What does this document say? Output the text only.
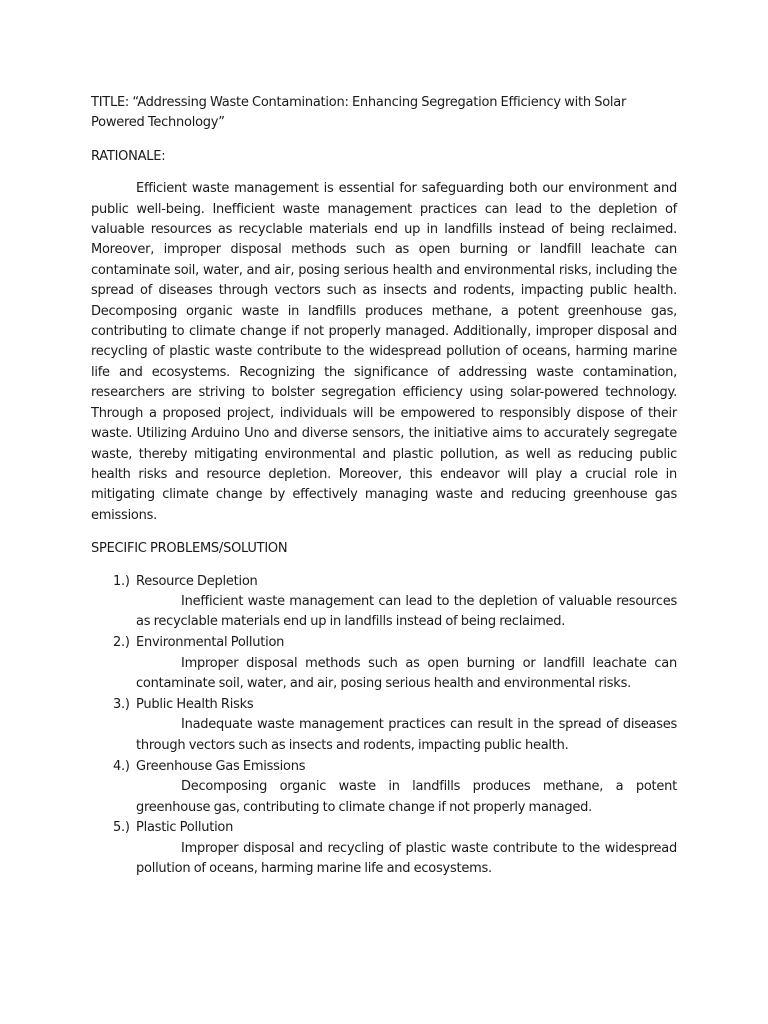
TITLE: “Addressing Waste Contamination: Enhancing Segregation Efficiency with Solar Powered Technology”

RATIONALE:

Efficient waste management is essential for safeguarding both our environment and public well-being. Inefficient waste management practices can lead to the depletion of valuable resources as recyclable materials end up in landfills instead of being reclaimed. Moreover, improper disposal methods such as open burning or landfill leachate can contaminate soil, water, and air, posing serious health and environmental risks, including the spread of diseases through vectors such as insects and rodents, impacting public health. Decomposing organic waste in landfills produces methane, a potent greenhouse gas, contributing to climate change if not properly managed. Additionally, improper disposal and recycling of plastic waste contribute to the widespread pollution of oceans, harming marine life and ecosystems. Recognizing the significance of addressing waste contamination, researchers are striving to bolster segregation efficiency using solar-powered technology. Through a proposed project, individuals will be empowered to responsibly dispose of their waste. Utilizing Arduino Uno and diverse sensors, the initiative aims to accurately segregate waste, thereby mitigating environmental and plastic pollution, as well as reducing public health risks and resource depletion. Moreover, this endeavor will play a crucial role in mitigating climate change by effectively managing waste and reducing greenhouse gas emissions.

SPECIFIC PROBLEMS/SOLUTION

1.) Resource Depletion
Inefficient waste management can lead to the depletion of valuable resources as recyclable materials end up in landfills instead of being reclaimed.
2.) Environmental Pollution
Improper disposal methods such as open burning or landfill leachate can contaminate soil, water, and air, posing serious health and environmental risks.
3.) Public Health Risks
Inadequate waste management practices can result in the spread of diseases through vectors such as insects and rodents, impacting public health.
4.) Greenhouse Gas Emissions
Decomposing organic waste in landfills produces methane, a potent greenhouse gas, contributing to climate change if not properly managed.
5.) Plastic Pollution
Improper disposal and recycling of plastic waste contribute to the widespread pollution of oceans, harming marine life and ecosystems.
